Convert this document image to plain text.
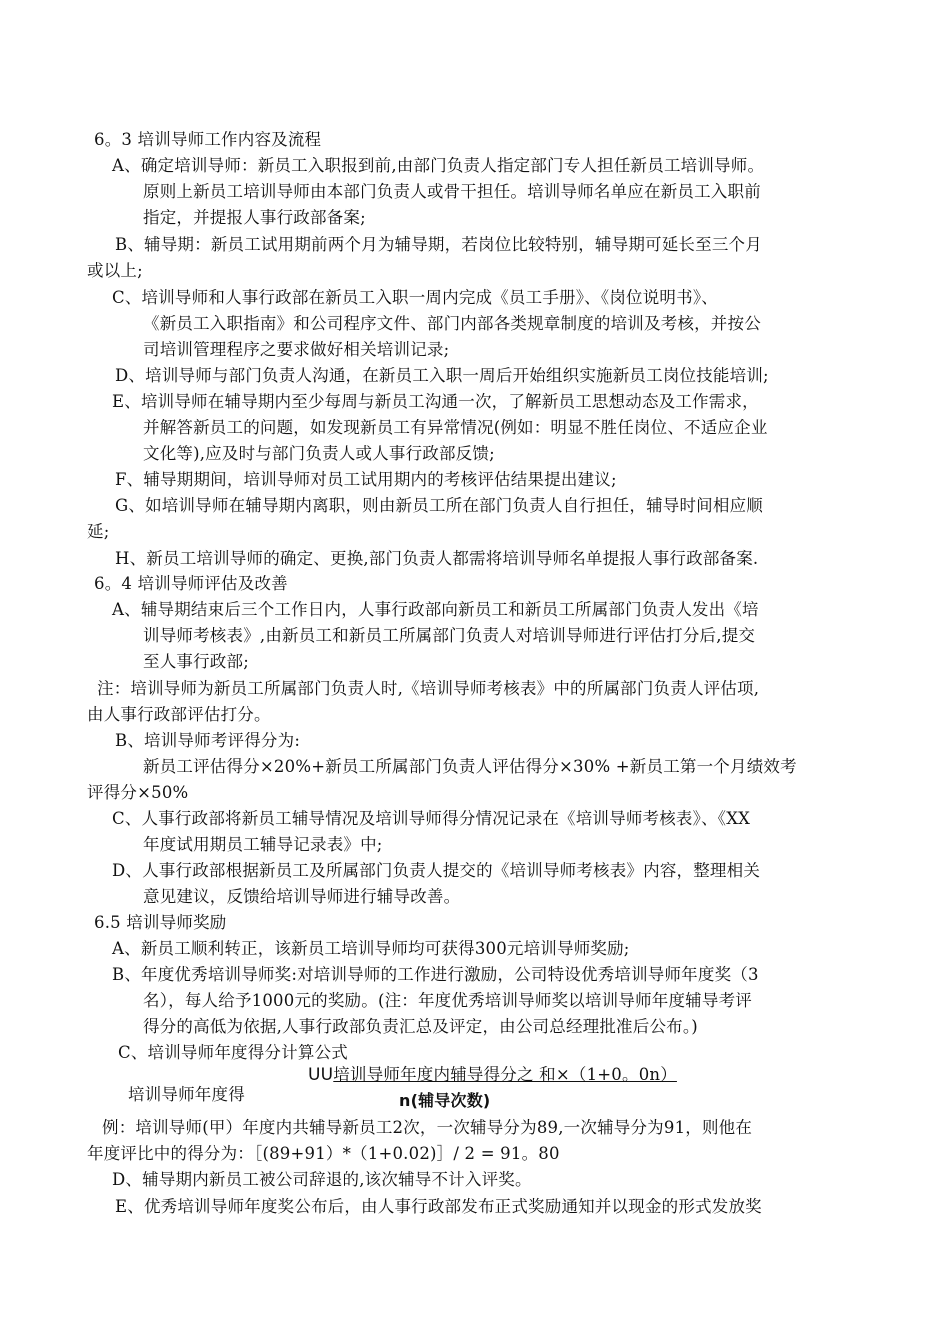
6。3 培训导师工作内容及流程
A、确定培训导师：新员工入职报到前,由部门负责人指定部门专人担任新员工培训导师。
原则上新员工培训导师由本部门负责人或骨干担任。培训导师名单应在新员工入职前
指定，并提报人事行政部备案;
B、辅导期：新员工试用期前两个月为辅导期，若岗位比较特别，辅导期可延长至三个月
或以上;
C、培训导师和人事行政部在新员工入职一周内完成《员工手册》、《岗位说明书》、
《新员工入职指南》和公司程序文件、部门内部各类规章制度的培训及考核，并按公
司培训管理程序之要求做好相关培训记录;
D、培训导师与部门负责人沟通，在新员工入职一周后开始组织实施新员工岗位技能培训;
E、培训导师在辅导期内至少每周与新员工沟通一次，了解新员工思想动态及工作需求，
并解答新员工的问题，如发现新员工有异常情况(例如：明显不胜任岗位、不适应企业
文化等),应及时与部门负责人或人事行政部反馈;
F、辅导期期间，培训导师对员工试用期内的考核评估结果提出建议;
G、如培训导师在辅导期内离职，则由新员工所在部门负责人自行担任，辅导时间相应顺
延;
H、新员工培训导师的确定、更换,部门负责人都需将培训导师名单提报人事行政部备案.
6。4 培训导师评估及改善
A、辅导期结束后三个工作日内，人事行政部向新员工和新员工所属部门负责人发出《培
训导师考核表》,由新员工和新员工所属部门负责人对培训导师进行评估打分后,提交
至人事行政部;
注：培训导师为新员工所属部门负责人时,《培训导师考核表》中的所属部门负责人评估项,
由人事行政部评估打分。
B、培训导师考评得分为:
新员工评估得分×20%+新员工所属部门负责人评估得分×30% +新员工第一个月绩效考
评得分×50%
C、人事行政部将新员工辅导情况及培训导师得分情况记录在《培训导师考核表》、《XX
年度试用期员工辅导记录表》中;
D、人事行政部根据新员工及所属部门负责人提交的《培训导师考核表》内容，整理相关
意见建议，反馈给培训导师进行辅导改善。
6.5 培训导师奖励
A、新员工顺利转正，该新员工培训导师均可获得300元培训导师奖励;
B、年度优秀培训导师奖:对培训导师的工作进行激励，公司特设优秀培训导师年度奖（3
名），每人给予1000元的奖励。(注：年度优秀培训导师奖以培训导师年度辅导考评
得分的高低为依据,人事行政部负责汇总及评定，由公司总经理批准后公布。)
C、培训导师年度得分计算公式
培训导师年度得
UU培训导师年度内辅导得分之 和×（1+0。0n）
n(辅导次数)
例：培训导师(甲）年度内共辅导新员工2次，一次辅导分为89,一次辅导分为91，则他在
年度评比中的得分为：［(89+91）*（1+0.02)］/ 2 = 91。80
D、辅导期内新员工被公司辞退的,该次辅导不计入评奖。
E、优秀培训导师年度奖公布后，由人事行政部发布正式奖励通知并以现金的形式发放奖
